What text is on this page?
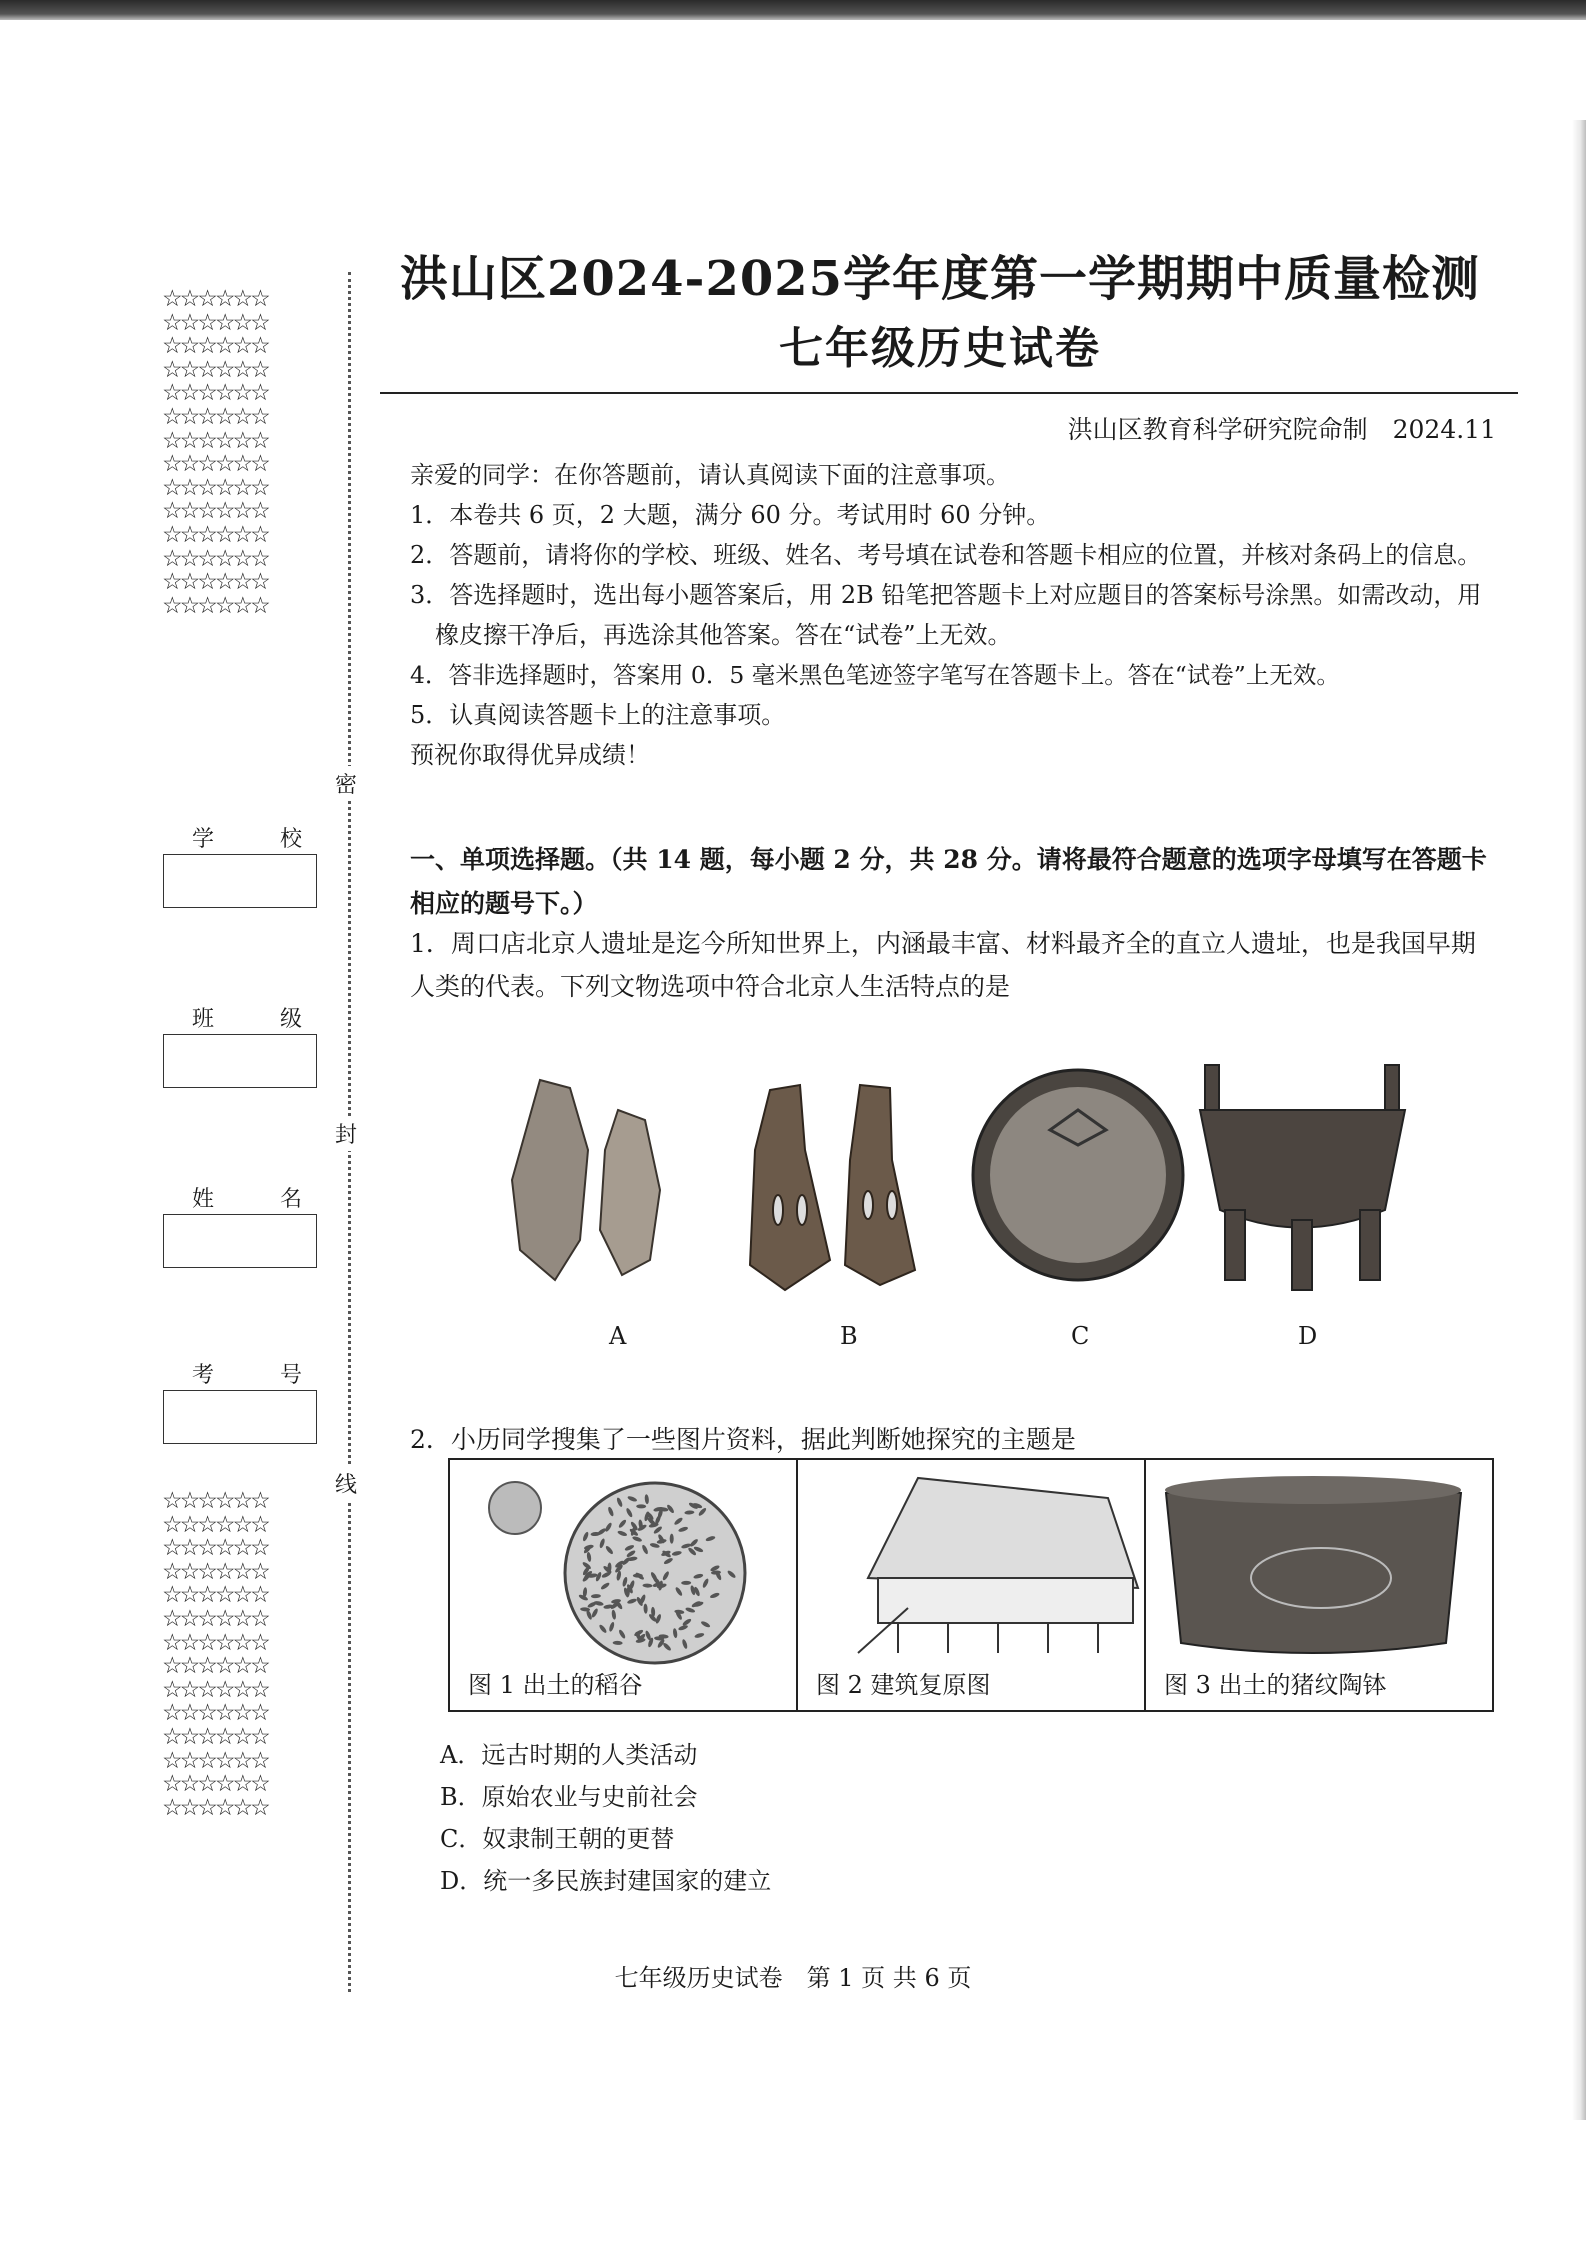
☆☆☆☆☆☆
☆☆☆☆☆☆
☆☆☆☆☆☆
☆☆☆☆☆☆
☆☆☆☆☆☆
☆☆☆☆☆☆
☆☆☆☆☆☆
☆☆☆☆☆☆
☆☆☆☆☆☆
☆☆☆☆☆☆
☆☆☆☆☆☆
☆☆☆☆☆☆
☆☆☆☆☆☆
☆☆☆☆☆☆
☆☆☆☆☆☆
☆☆☆☆☆☆
☆☆☆☆☆☆
☆☆☆☆☆☆
☆☆☆☆☆☆
☆☆☆☆☆☆
☆☆☆☆☆☆
☆☆☆☆☆☆
☆☆☆☆☆☆
☆☆☆☆☆☆
☆☆☆☆☆☆
☆☆☆☆☆☆
☆☆☆☆☆☆
☆☆☆☆☆☆
学　校
班　级
姓　名
考　号
密
封
线
洪山区2024-2025学年度第一学期期中质量检测
七年级历史试卷
洪山区教育科学研究院命制　2024.11
亲爱的同学：在你答题前，请认真阅读下面的注意事项。
1．本卷共 6 页，2 大题，满分 60 分。考试用时 60 分钟。
2．答题前，请将你的学校、班级、姓名、考号填在试卷和答题卡相应的位置，并核对条码上的信息。
3．答选择题时，选出每小题答案后，用 2B 铅笔把答题卡上对应题目的答案标号涂黑。如需改动，用橡皮擦干净后，再选涂其他答案。答在“试卷”上无效。
4．答非选择题时，答案用 0．5 毫米黑色笔迹签字笔写在答题卡上。答在“试卷”上无效。
5．认真阅读答题卡上的注意事项。
预祝你取得优异成绩！
一、单项选择题。（共 14 题，每小题 2 分，共 28 分。请将最符合题意的选项字母填写在答题卡相应的题号下。）
1．周口店北京人遗址是迄今所知世界上，内涵最丰富、材料最齐全的直立人遗址，也是我国早期人类的代表。下列文物选项中符合北京人生活特点的是
A	B	C	D
2．小历同学搜集了一些图片资料，据此判断她探究的主题是
图 1 出土的稻谷	图 2 建筑复原图	图 3 出土的猪纹陶钵
A．远古时期的人类活动
B．原始农业与史前社会
C．奴隶制王朝的更替
D．统一多民族封建国家的建立
七年级历史试卷　第 1 页 共 6 页
